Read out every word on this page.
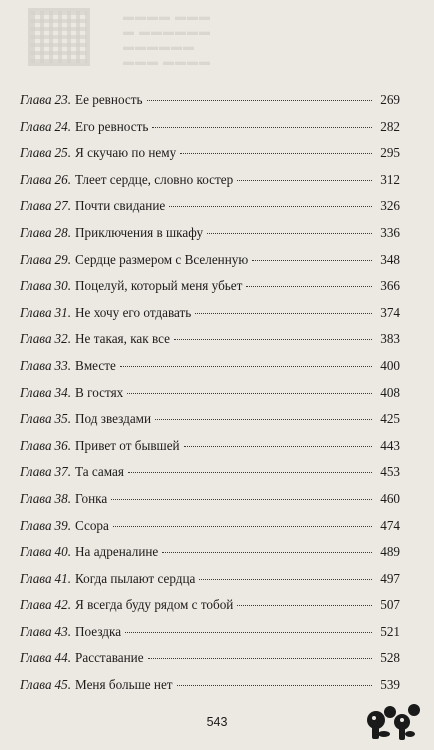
▬▬▬▬ ▬▬▬
▬ ▬▬▬▬▬▬
▬▬▬▬▬▬
▬▬▬ ▬▬▬▬
Глава 23. Ее ревность	269
Глава 24. Его ревность	282
Глава 25. Я скучаю по нему	295
Глава 26. Тлеет сердце, словно костер	312
Глава 27. Почти свидание	326
Глава 28. Приключения в шкафу	336
Глава 29. Сердце размером с Вселенную	348
Глава 30. Поцелуй, который меня убьет	366
Глава 31. Не хочу его отдавать	374
Глава 32. Не такая, как все	383
Глава 33. Вместе	400
Глава 34. В гостях	408
Глава 35. Под звездами	425
Глава 36. Привет от бывшей	443
Глава 37. Та самая	453
Глава 38. Гонка	460
Глава 39. Ссора	474
Глава 40. На адреналине	489
Глава 41. Когда пылают сердца	497
Глава 42. Я всегда буду рядом с тобой	507
Глава 43. Поездка	521
Глава 44. Расставание	528
Глава 45. Меня больше нет	539
543
